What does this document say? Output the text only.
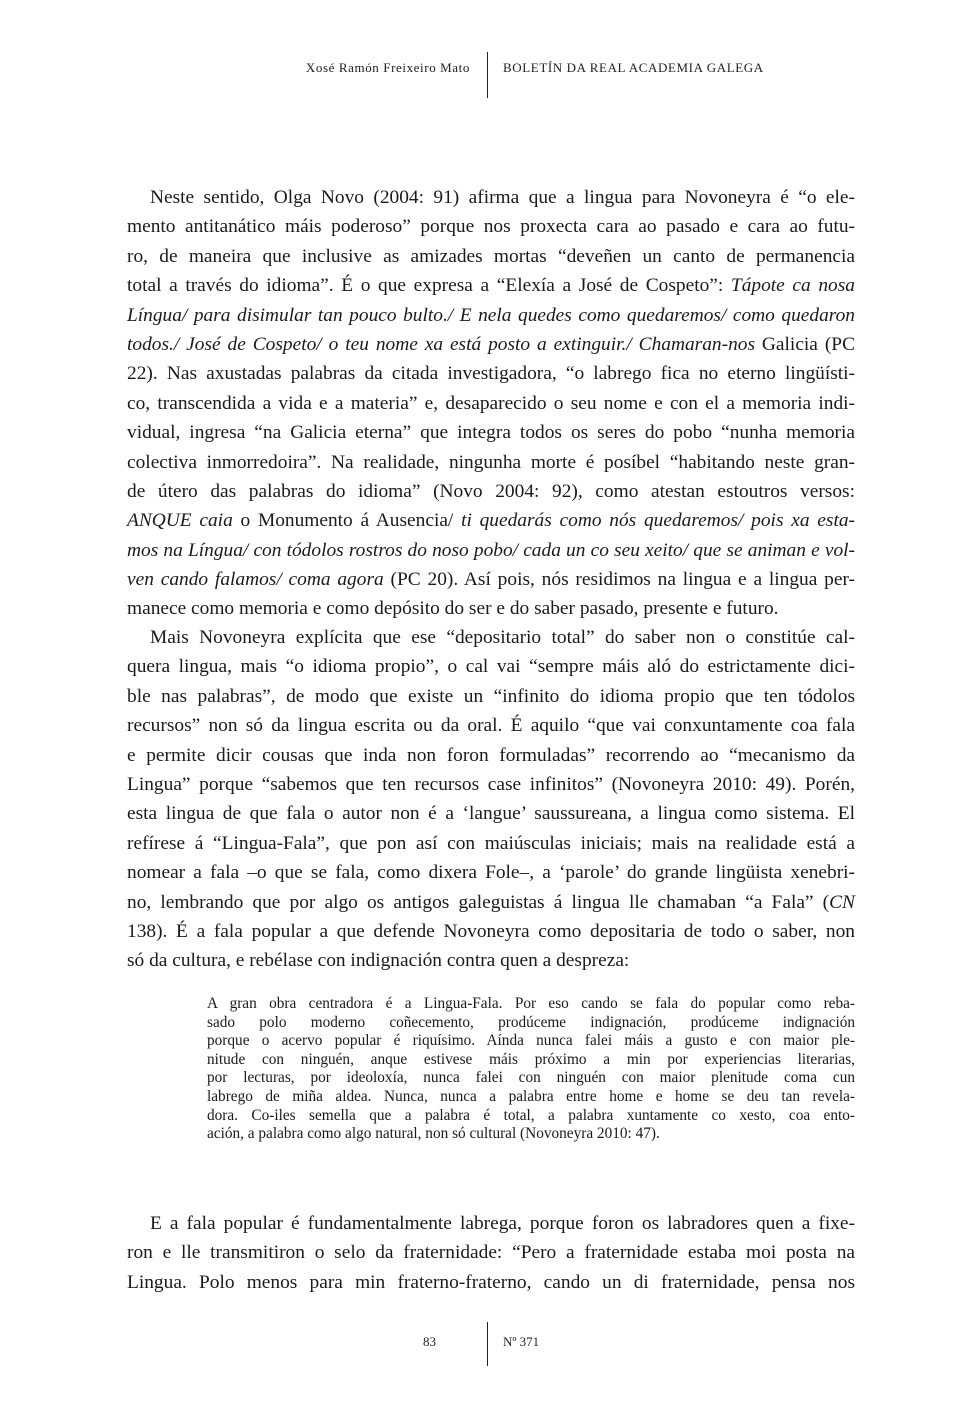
Xosé Ramón Freixeiro Mato	BOLETÍN DA REAL ACADEMIA GALEGA
Neste sentido, Olga Novo (2004: 91) afirma que a lingua para Novoneyra é “o ele-
mento antitanático máis poderoso” porque nos proxecta cara ao pasado e cara ao futu-
ro, de maneira que inclusive as amizades mortas “deveñen un canto de permanencia
total a través do idioma”. É o que expresa a “Elexía a José de Cospeto”: Tápote ca nosa
Língua/ para disimular tan pouco bulto./ E nela quedes como quedaremos/ como quedaron
todos./ José de Cospeto/ o teu nome xa está posto a extinguir./ Chamaran-nos Galicia (PC
22). Nas axustadas palabras da citada investigadora, “o labrego fica no eterno lingüísti-
co, transcendida a vida e a materia” e, desaparecido o seu nome e con el a memoria indi-
vidual, ingresa “na Galicia eterna” que integra todos os seres do pobo “nunha memoria
colectiva inmorredoira”. Na realidade, ningunha morte é posíbel “habitando neste gran-
de útero das palabras do idioma” (Novo 2004: 92), como atestan estoutros versos:
ANQUE caia o Monumento á Ausencia/ ti quedarás como nós quedaremos/ pois xa esta-
mos na Língua/ con tódolos rostros do noso pobo/ cada un co seu xeito/ que se animan e vol-
ven cando falamos/ coma agora (PC 20). Así pois, nós residimos na lingua e a lingua per-
manece como memoria e como depósito do ser e do saber pasado, presente e futuro.
Mais Novoneyra explícita que ese “depositario total” do saber non o constitúe cal-
quera lingua, mais “o idioma propio”, o cal vai “sempre máis aló do estrictamente dici-
ble nas palabras”, de modo que existe un “infinito do idioma propio que ten tódolos
recursos” non só da lingua escrita ou da oral. É aquilo “que vai conxuntamente coa fala
e permite dicir cousas que inda non foron formuladas” recorrendo ao “mecanismo da
Lingua” porque “sabemos que ten recursos case infinitos” (Novoneyra 2010: 49). Porén,
esta lingua de que fala o autor non é a ‘langue’ saussureana, a lingua como sistema. El
refírese á “Lingua-Fala”, que pon así con maiúsculas iniciais; mais na realidade está a
nomear a fala –o que se fala, como dixera Fole–, a ‘parole’ do grande lingüista xenebri-
no, lembrando que por algo os antigos galeguistas á lingua lle chamaban “a Fala” (CN
138). É a fala popular a que defende Novoneyra como depositaria de todo o saber, non
só da cultura, e rebélase con indignación contra quen a despreza:
A gran obra centradora é a Lingua-Fala. Por eso cando se fala do popular como reba-
sado polo moderno coñecemento, prodúceme indignación, prodúceme indignación
porque o acervo popular é riquísimo. Aínda nunca falei máis a gusto e con maior ple-
nitude con ninguén, anque estivese máis próximo a min por experiencias literarias,
por lecturas, por ideoloxía, nunca falei con ninguén con maior plenitude coma cun
labrego de miña aldea. Nunca, nunca a palabra entre home e home se deu tan revela-
dora. Co-iles semella que a palabra é total, a palabra xuntamente co xesto, coa ento-
ación, a palabra como algo natural, non só cultural (Novoneyra 2010: 47).
E a fala popular é fundamentalmente labrega, porque foron os labradores quen a fixe-
ron e lle transmitiron o selo da fraternidade: “Pero a fraternidade estaba moi posta na
Lingua. Polo menos para min fraterno-fraterno, cando un di fraternidade, pensa nos
83	Nº 371
